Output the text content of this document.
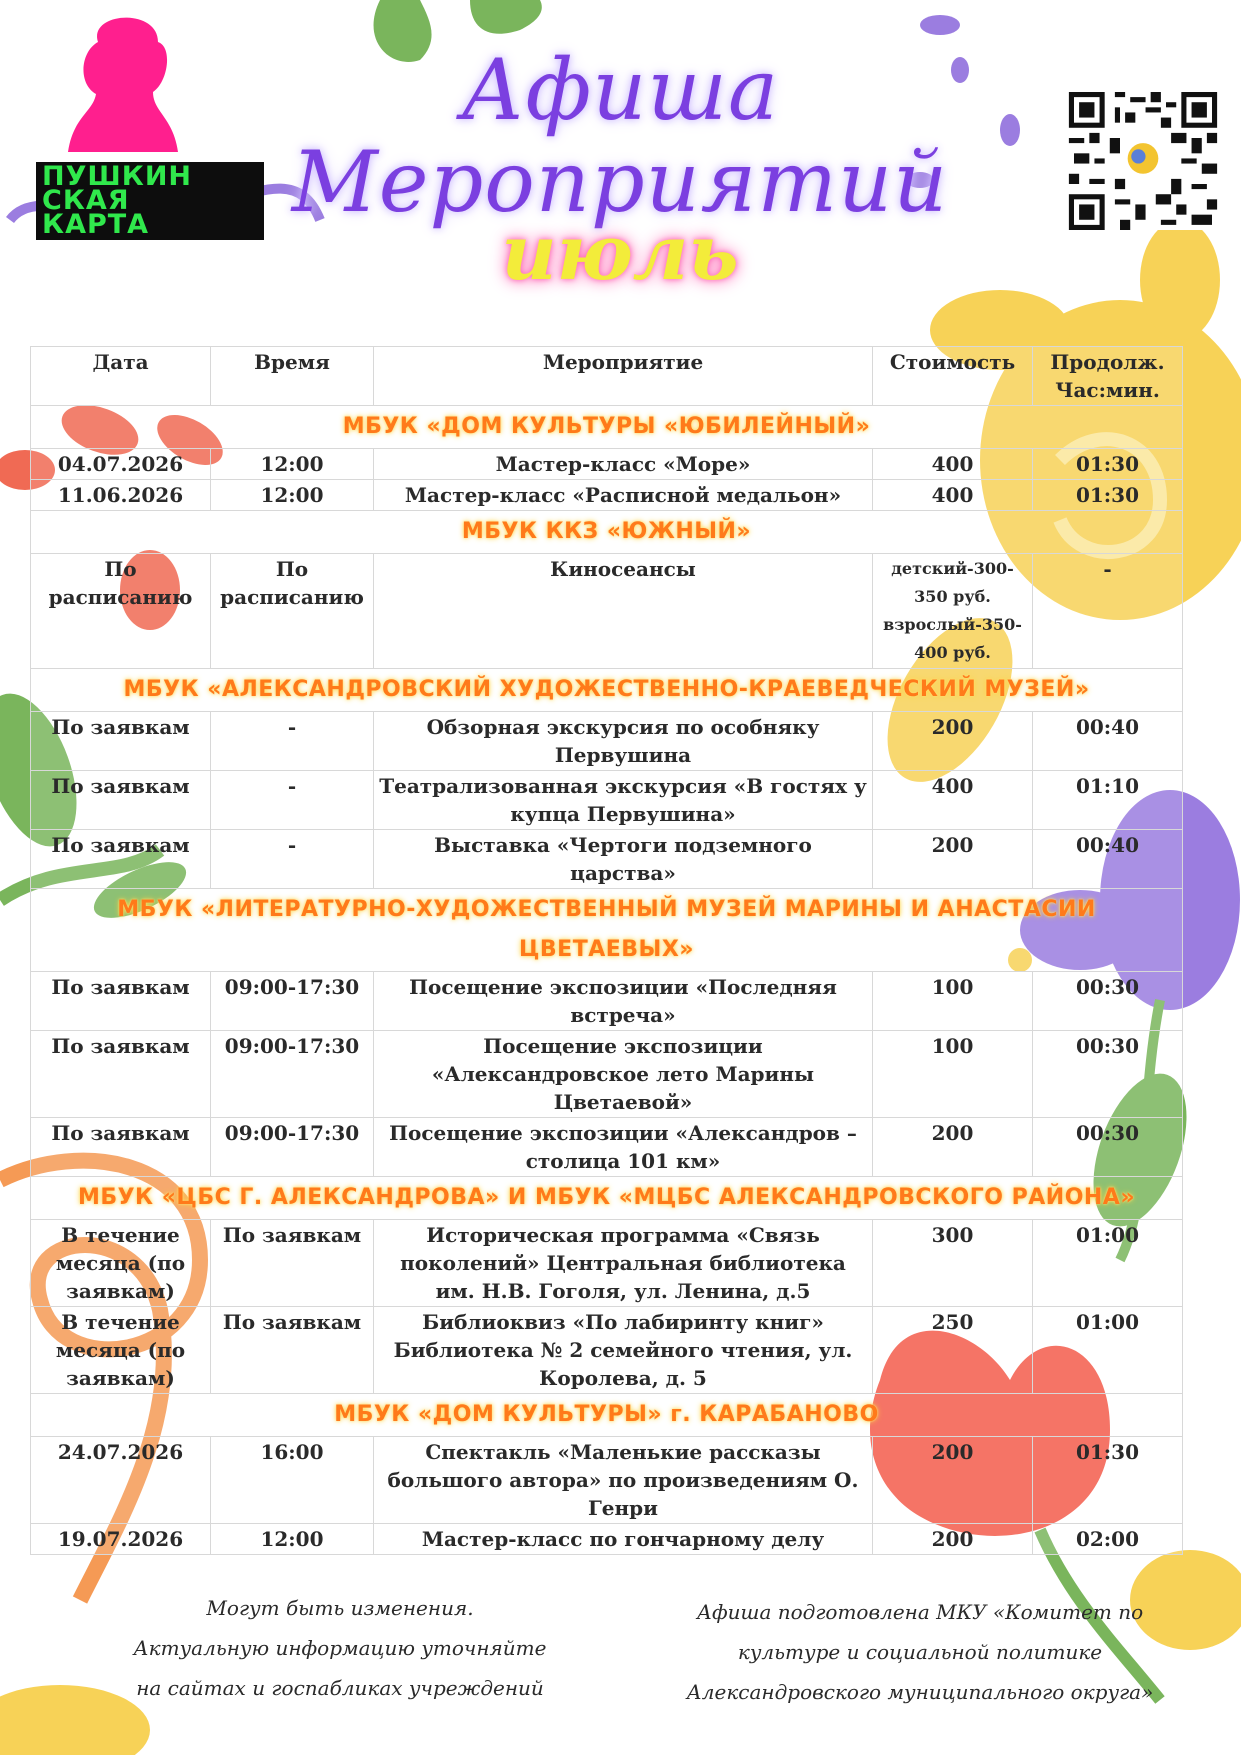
ПУШКИН
СКАЯ
КАРТА
Афиша Мероприятий
июль
Дата	Время	Мероприятие	Стоимость	Продолж. Час:мин.
МБУК «ДОМ КУЛЬТУРЫ «ЮБИЛЕЙНЫЙ»				
04.07.2026	12:00	Мастер-класс «Море»	400	01:30
11.06.2026	12:00	Мастер-класс «Расписной медальон»	400	01:30
МБУК ККЗ «ЮЖНЫЙ»				
По расписанию	По расписанию	Киносеансы	детский-300-350 руб. взрослый-350-400 руб.	-
МБУК «АЛЕКСАНДРОВСКИЙ ХУДОЖЕСТВЕННО-КРАЕВЕДЧЕСКИЙ МУЗЕЙ»				
По заявкам	-	Обзорная экскурсия по особняку Первушина	200	00:40
По заявкам	-	Театрализованная экскурсия «В гостях у купца Первушина»	400	01:10
По заявкам	-	Выставка «Чертоги подземного царства»	200	00:40
МБУК «ЛИТЕРАТУРНО-ХУДОЖЕСТВЕННЫЙ МУЗЕЙ МАРИНЫ И АНАСТАСИИ ЦВЕТАЕВЫХ»				
По заявкам	09:00-17:30	Посещение экспозиции «Последняя встреча»	100	00:30
По заявкам	09:00-17:30	Посещение экспозиции «Александровское лето Марины Цветаевой»	100	00:30
По заявкам	09:00-17:30	Посещение экспозиции «Александров – столица 101 км»	200	00:30
МБУК «ЦБС Г. АЛЕКСАНДРОВА» И МБУК «МЦБС АЛЕКСАНДРОВСКОГО РАЙОНА»				
В течение месяца (по заявкам)	По заявкам	Историческая программа «Связь поколений» Центральная библиотека им. Н.В. Гоголя, ул. Ленина, д.5	300	01:00
В течение месяца (по заявкам)	По заявкам	Библиоквиз «По лабиринту книг» Библиотека № 2 семейного чтения, ул. Королева, д. 5	250	01:00
МБУК «ДОМ КУЛЬТУРЫ» г. КАРАБАНОВО				
24.07.2026	16:00	Спектакль «Маленькие рассказы большого автора» по произведениям О. Генри	200	01:30
19.07.2026	12:00	Мастер-класс по гончарному делу	200	02:00
Могут быть изменения.
Актуальную информацию уточняйте
на сайтах и госпабликах учреждений
Афиша подготовлена МКУ «Комитет по
культуре и социальной политике
Александровского муниципального округа»
